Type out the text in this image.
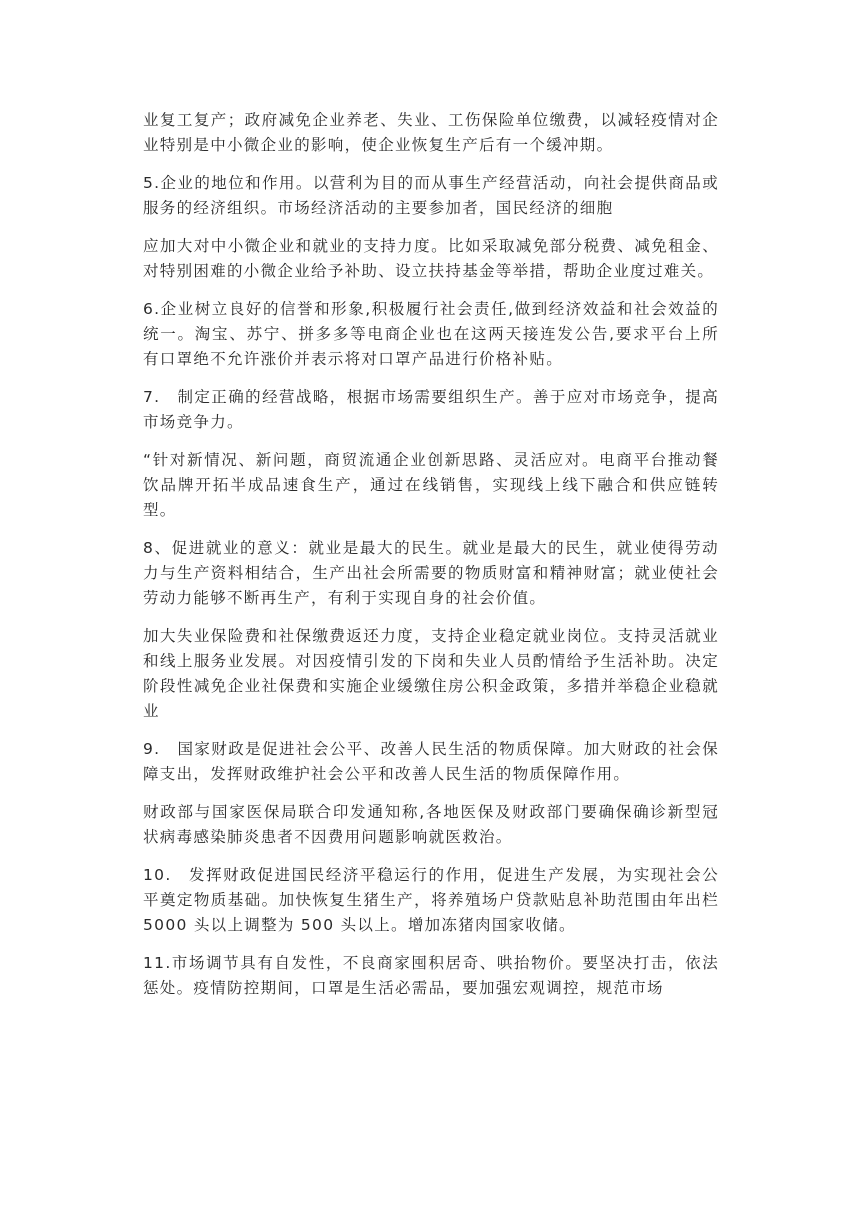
业复工复产；政府减免企业养老、失业、工伤保险单位缴费，以减轻疫情对企业特别是中小微企业的影响，使企业恢复生产后有一个缓冲期。

5.企业的地位和作用。以营利为目的而从事生产经营活动，向社会提供商品或服务的经济组织。市场经济活动的主要参加者，国民经济的细胞

应加大对中小微企业和就业的支持力度。比如采取减免部分税费、减免租金、对特别困难的小微企业给予补助、设立扶持基金等举措，帮助企业度过难关。

6.企业树立良好的信誉和形象,积极履行社会责任,做到经济效益和社会效益的统一。淘宝、苏宁、拼多多等电商企业也在这两天接连发公告,要求平台上所有口罩绝不允许涨价并表示将对口罩产品进行价格补贴。

7.　制定正确的经营战略，根据市场需要组织生产。善于应对市场竞争，提高市场竞争力。

“针对新情况、新问题，商贸流通企业创新思路、灵活应对。电商平台推动餐饮品牌开拓半成品速食生产，通过在线销售，实现线上线下融合和供应链转型。

8、促进就业的意义：就业是最大的民生。就业是最大的民生，就业使得劳动力与生产资料相结合，生产出社会所需要的物质财富和精神财富；就业使社会劳动力能够不断再生产，有利于实现自身的社会价值。

加大失业保险费和社保缴费返还力度，支持企业稳定就业岗位。支持灵活就业和线上服务业发展。对因疫情引发的下岗和失业人员酌情给予生活补助。决定阶段性减免企业社保费和实施企业缓缴住房公积金政策，多措并举稳企业稳就业

9.　国家财政是促进社会公平、改善人民生活的物质保障。加大财政的社会保障支出，发挥财政维护社会公平和改善人民生活的物质保障作用。

财政部与国家医保局联合印发通知称,各地医保及财政部门要确保确诊新型冠状病毒感染肺炎患者不因费用问题影响就医救治。

10.　发挥财政促进国民经济平稳运行的作用，促进生产发展，为实现社会公平奠定物质基础。加快恢复生猪生产，将养殖场户贷款贴息补助范围由年出栏 5000 头以上调整为 500 头以上。增加冻猪肉国家收储。

11.市场调节具有自发性，不良商家囤积居奇、哄抬物价。要坚决打击，依法惩处。疫情防控期间，口罩是生活必需品，要加强宏观调控，规范市场
